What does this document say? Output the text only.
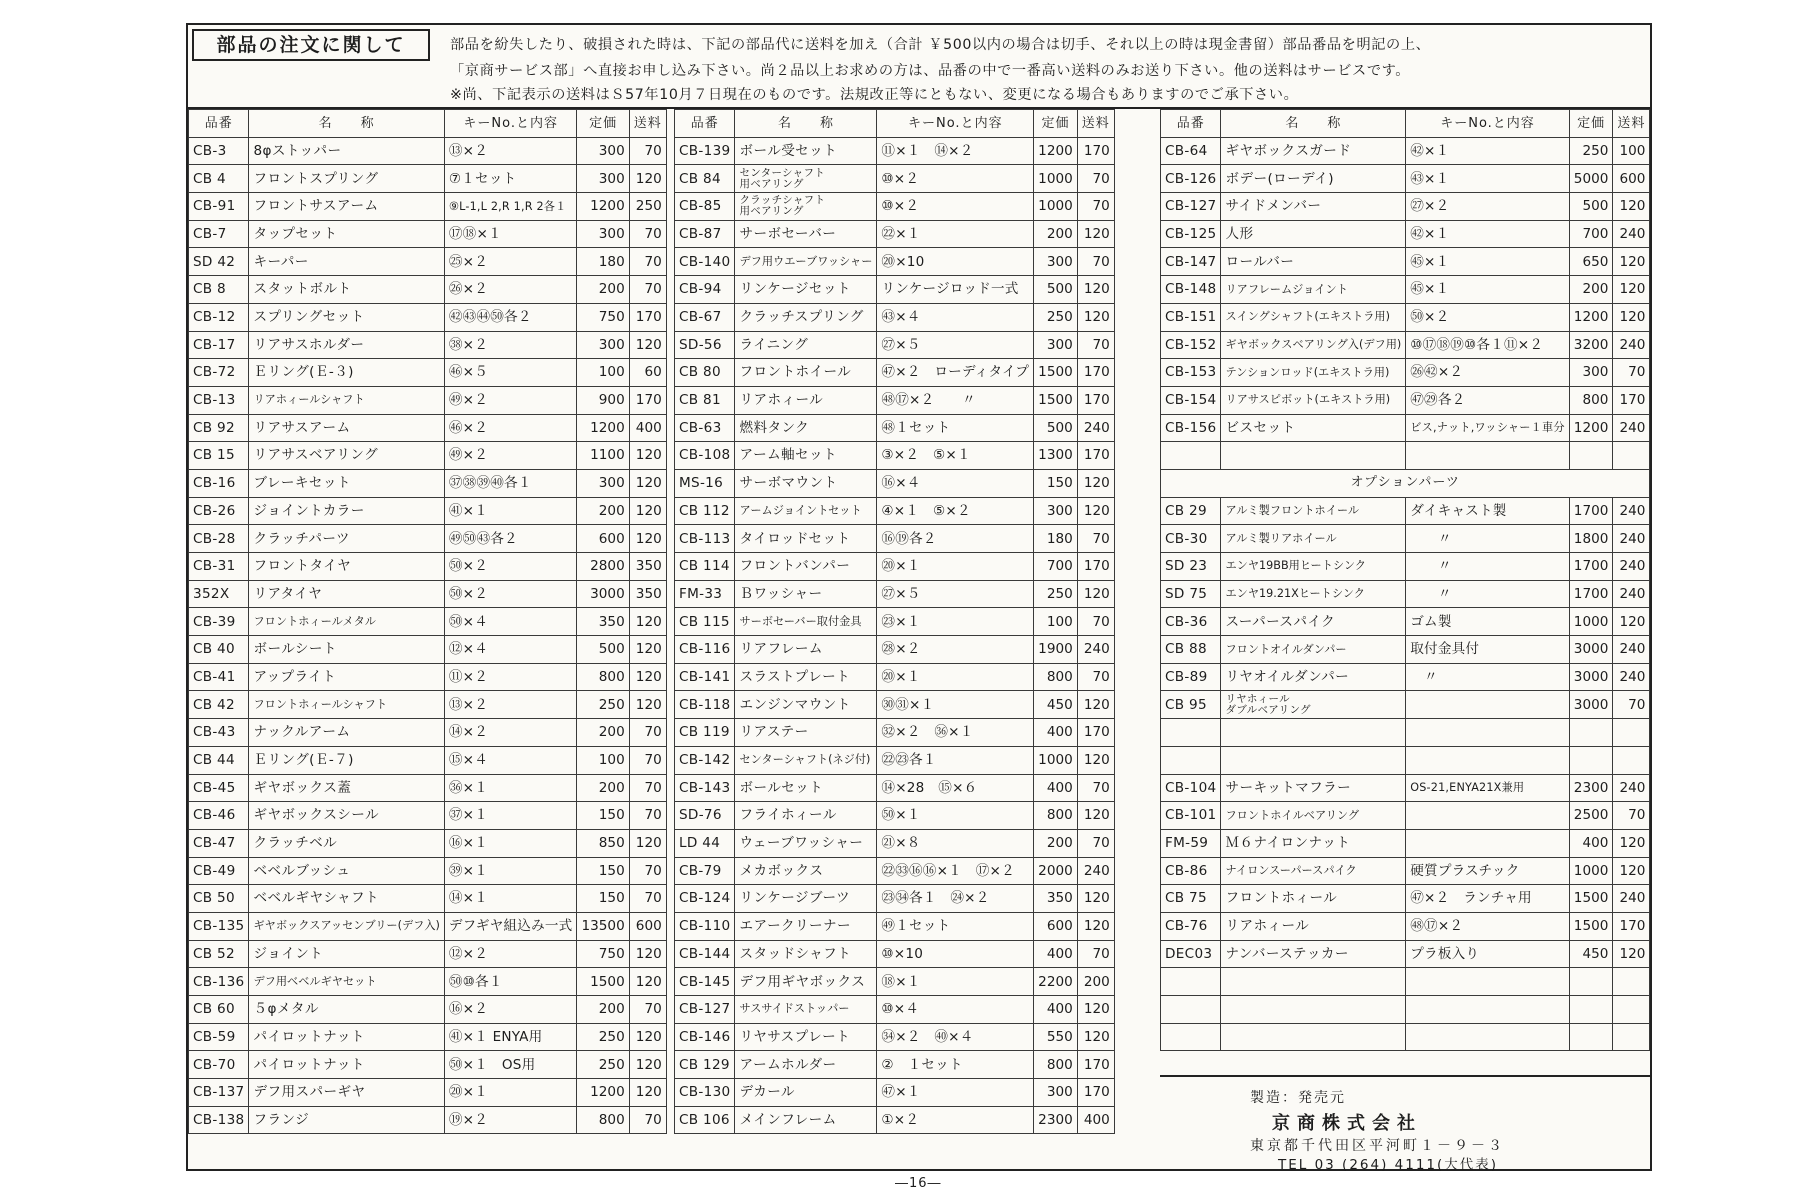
部品の注文に関して	部品を紛失したり、破損された時は、下記の部品代に送料を加え（合計 ￥500以内の場合は切手、それ以上の時は現金書留）部品番品を明記の上、
「京商サービス部」へ直接お申し込み下さい。尚２品以上お求めの方は、品番の中で一番高い送料のみお送り下さい。他の送料はサービスです。
※尚、下記表示の送料はＳ57年10月７日現在のものです。法規改正等にともない、変更になる場合もありますのでご承下さい。
品番	名　　称	キーNo.と内容	定価	送料
CB-3	8φストッパー	⑬×２	300	70
CB 4	フロントスプリング	⑦１セット	300	120
CB-91	フロントサスアーム	⑨L-1,L 2,R 1,R 2各１	1200	250
CB-7	タップセット	⑰⑱×１	300	70
SD 42	キーパー	㉕×２	180	70
CB 8	スタットボルト	㉖×２	200	70
CB-12	スプリングセット	㊷㊸㊹㊿各２	750	170
CB-17	リアサスホルダー	㊳×２	300	120
CB-72	Ｅリング(Ｅ-３)	㊻×５	100	60
CB-13	リアホィールシャフト	㊾×２	900	170
CB 92	リアサスアーム	㊻×２	1200	400
CB 15	リアサスベアリング	㊾×２	1100	120
CB-16	ブレーキセット	㊲㊳㊴㊵各１	300	120
CB-26	ジョイントカラー	㊶×１	200	120
CB-28	クラッチパーツ	㊾㊿㊸各２	600	120
CB-31	フロントタイヤ	㊿×２	2800	350
352X	リアタイヤ	㊿×２	3000	350
CB-39	フロントホィールメタル	㊿×４	350	120
CB 40	ボールシート	⑫×４	500	120
CB-41	アップライト	⑪×２	800	120
CB 42	フロントホィールシャフト	⑬×２	250	120
CB-43	ナックルアーム	⑭×２	200	70
CB 44	Ｅリング(Ｅ-７)	⑮×４	100	70
CB-45	ギヤボックス蓋	㊱×１	200	70
CB-46	ギヤボックスシール	㊲×１	150	70
CB-47	クラッチベル	⑯×１	850	120
CB-49	ベベルブッシュ	㊴×１	150	70
CB 50	ベベルギヤシャフト	⑭×１	150	70
CB-135	ギヤボックスアッセンブリー(デフ入)	デフギヤ組込み一式	13500	600
CB 52	ジョイント	⑫×２	750	120
CB-136	デフ用ベベルギヤセット	㊿⑩各１	1500	120
CB 60	５φメタル	⑯×２	200	70
CB-59	パイロットナット	㊶×１ ENYA用	250	120
CB-70	パイロットナット	㊿×１　OS用	250	120
CB-137	デフ用スパーギヤ	⑳×１	1200	120
CB-138	フランジ	⑲×２	800	70
品番	名　　称	キーNo.と内容	定価	送料
CB-139	ボール受セット	⑪×１　⑭×２	1200	170
CB 84	センターシャフト
用ベアリング	⑩×２	1000	70
CB-85	クラッチシャフト
用ベアリング	⑩×２	1000	70
CB-87	サーボセーバー	㉒×１	200	120
CB-140	デフ用ウエーブワッシャー	⑳×10	300	70
CB-94	リンケージセット	リンケージロッド一式	500	120
CB-67	クラッチスプリング	㊸×４	250	120
SD-56	ライニング	㉗×５	300	70
CB 80	フロントホイール	㊼×２　ローディタイプ	1500	170
CB 81	リアホィール	㊽⑰×２　　〃	1500	170
CB-63	燃料タンク	㊽１セット	500	240
CB-108	アーム軸セット	③×２　⑤×１	1300	170
MS-16	サーボマウント	⑯×４	150	120
CB 112	アームジョイントセット	④×１　⑤×２	300	120
CB-113	タイロッドセット	⑯⑲各２	180	70
CB 114	フロントバンパー	⑳×１	700	170
FM-33	Ｂワッシャー	㉗×５	250	120
CB 115	サーボセーバー取付金具	㉓×１	100	70
CB-116	リアフレーム	㉘×２	1900	240
CB-141	スラストプレート	⑳×１	800	70
CB-118	エンジンマウント	㉚㉛×１	450	120
CB 119	リアステー	㉜×２　㊱×１	400	170
CB-142	センターシャフト(ネジ付)	㉒㉓各１	1000	120
CB-143	ボールセット	⑭×28　⑮×６	400	70
SD-76	フライホィール	㊿×１	800	120
LD 44	ウェーブワッシャー	㉑×８	200	70
CB-79	メカボックス	㉒㉝⑯⑯×１　⑰×２	2000	240
CB-124	リンケージブーツ	㉓㉞各１　㉔×２	350	120
CB-110	エアークリーナー	㊾１セット	600	120
CB-144	スタッドシャフト	⑩×10	400	70
CB-145	デフ用ギヤボックス	⑱×１	2200	200
CB-127	サスサイドストッパー	⑩×４	400	120
CB-146	リヤサスプレート	㉞×２　㊵×４	550	120
CB 129	アームホルダー	②　１セット	800	170
CB-130	デカール	㊼×１	300	170
CB 106	メインフレーム	①×２	2300	400
品番	名　　称	キーNo.と内容	定価	送料
CB-64	ギヤボックスガード	㊷×１	250	100
CB-126	ボデー(ローデイ)	㊸×１	5000	600
CB-127	サイドメンバー	㉗×２	500	120
CB-125	人形	㊷×１	700	240
CB-147	ロールバー	㊺×１	650	120
CB-148	リアフレームジョイント	㊺×１	200	120
CB-151	スイングシャフト(エキストラ用)	㊿×２	1200	120
CB-152	ギヤボックスベアリング入(デフ用)	⑩⑰⑱⑲⑩各１⑪×２	3200	240
CB-153	テンションロッド(エキストラ用)	㉖㊷×２	300	70
CB-154	リアサスピボット(エキストラ用)	㊼㉙各２	800	170
CB-156	ビスセット	ビス,ナット,ワッシャー１車分	1200	240

オプションパーツ				
CB 29	アルミ製フロントホイール	ダイキャスト製	1700	240
CB-30	アルミ製リアホイール	　　〃	1800	240
SD 23	エンヤ19BB用ヒートシンク	　　〃	1700	240
SD 75	エンヤ19.21Xヒートシンク	　　〃	1700	240
CB-36	スーパースパイク	ゴム製	1000	120
CB 88	フロントオイルダンパー	取付金具付	3000	240
CB-89	リヤオイルダンパー	　〃	3000	240
CB 95	リヤホィール
ダブルベアリング		3000	70

CB-104	サーキットマフラー	OS-21,ENYA21X兼用	2300	240
CB-101	フロントホイルベアリング		2500	70
FM-59	Ｍ６ナイロンナット		400	120
CB-86	ナイロンスーパースパイク	硬質プラスチック	1000	120
CB 75	フロントホィール	㊼×２　ランチャ用	1500	240
CB-76	リアホィール	㊽⑰×２	1500	170
DEC03	ナンバーステッカー	プラ板入り	450	120

製造：発売元
京商株式会社
東京都千代田区平河町１－９－３
TEL 03 (264) 4111(大代表)
―16―
